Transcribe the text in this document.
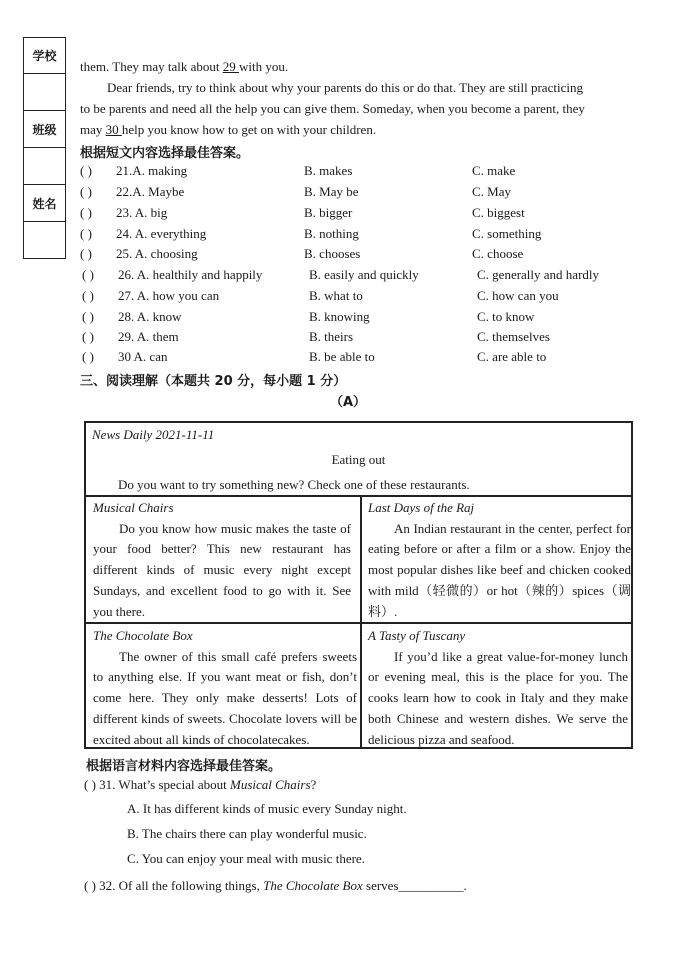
学校
班级
姓名
them. They may talk about 29 with you.
Dear friends, try to think about why your parents do this or do that. They are still practicing
to be parents and need all the help you can give them. Someday, when you become a parent, they
may 30 help you know how to get on with your children.
根据短文内容选择最佳答案。
( ) 21.A. making	B. makes	C. make
( ) 22.A. Maybe	B. May be	C. May
( ) 23. A. big	B. bigger	C. biggest
( ) 24. A. everything	B. nothing	C. something
( ) 25. A. choosing	B. chooses	C. choose
( ) 26. A. healthily and happily	B. easily and quickly	C. generally and hardly
( ) 27. A. how you can	B. what to	C. how can you
( ) 28. A. know	B. knowing	C. to know
( ) 29. A. them	B. theirs	C. themselves
( ) 30 A. can	B. be able to	C. are able to
三、阅读理解（本题共 20 分，每小题 1 分）
（A）
News Daily 2021-11-11
Eating out
Do you want to try something new? Check one of these restaurants.
Musical Chairs

Do you know how music makes the taste of your food better? This new restaurant has different kinds of music every night except Sundays, and excellent food to go with it. See you there.

Last Days of the Raj

An Indian restaurant in the center, perfect for eating before or after a film or a show. Enjoy the most popular dishes like beef and chicken cooked with mild（轻微的）or hot（辣的）spices（调料）.

The Chocolate Box

The owner of this small café prefers sweets to anything else. If you want meat or fish, don’t come here. They only make desserts! Lots of different kinds of sweets. Chocolate lovers will be excited about all kinds of chocolatecakes.

A Tasty of Tuscany

If you’d like a great value-for-money lunch or evening meal, this is the place for you. The cooks learn how to cook in Italy and they make both Chinese and western dishes. We serve the delicious pizza and seafood.

根据语言材料内容选择最佳答案。
( ) 31. What’s special about Musical Chairs?
A. It has different kinds of music every Sunday night.
B. The chairs there can play wonderful music.
C. You can enjoy your meal with music there.
( ) 32. Of all the following things, The Chocolate Box serves__________.
